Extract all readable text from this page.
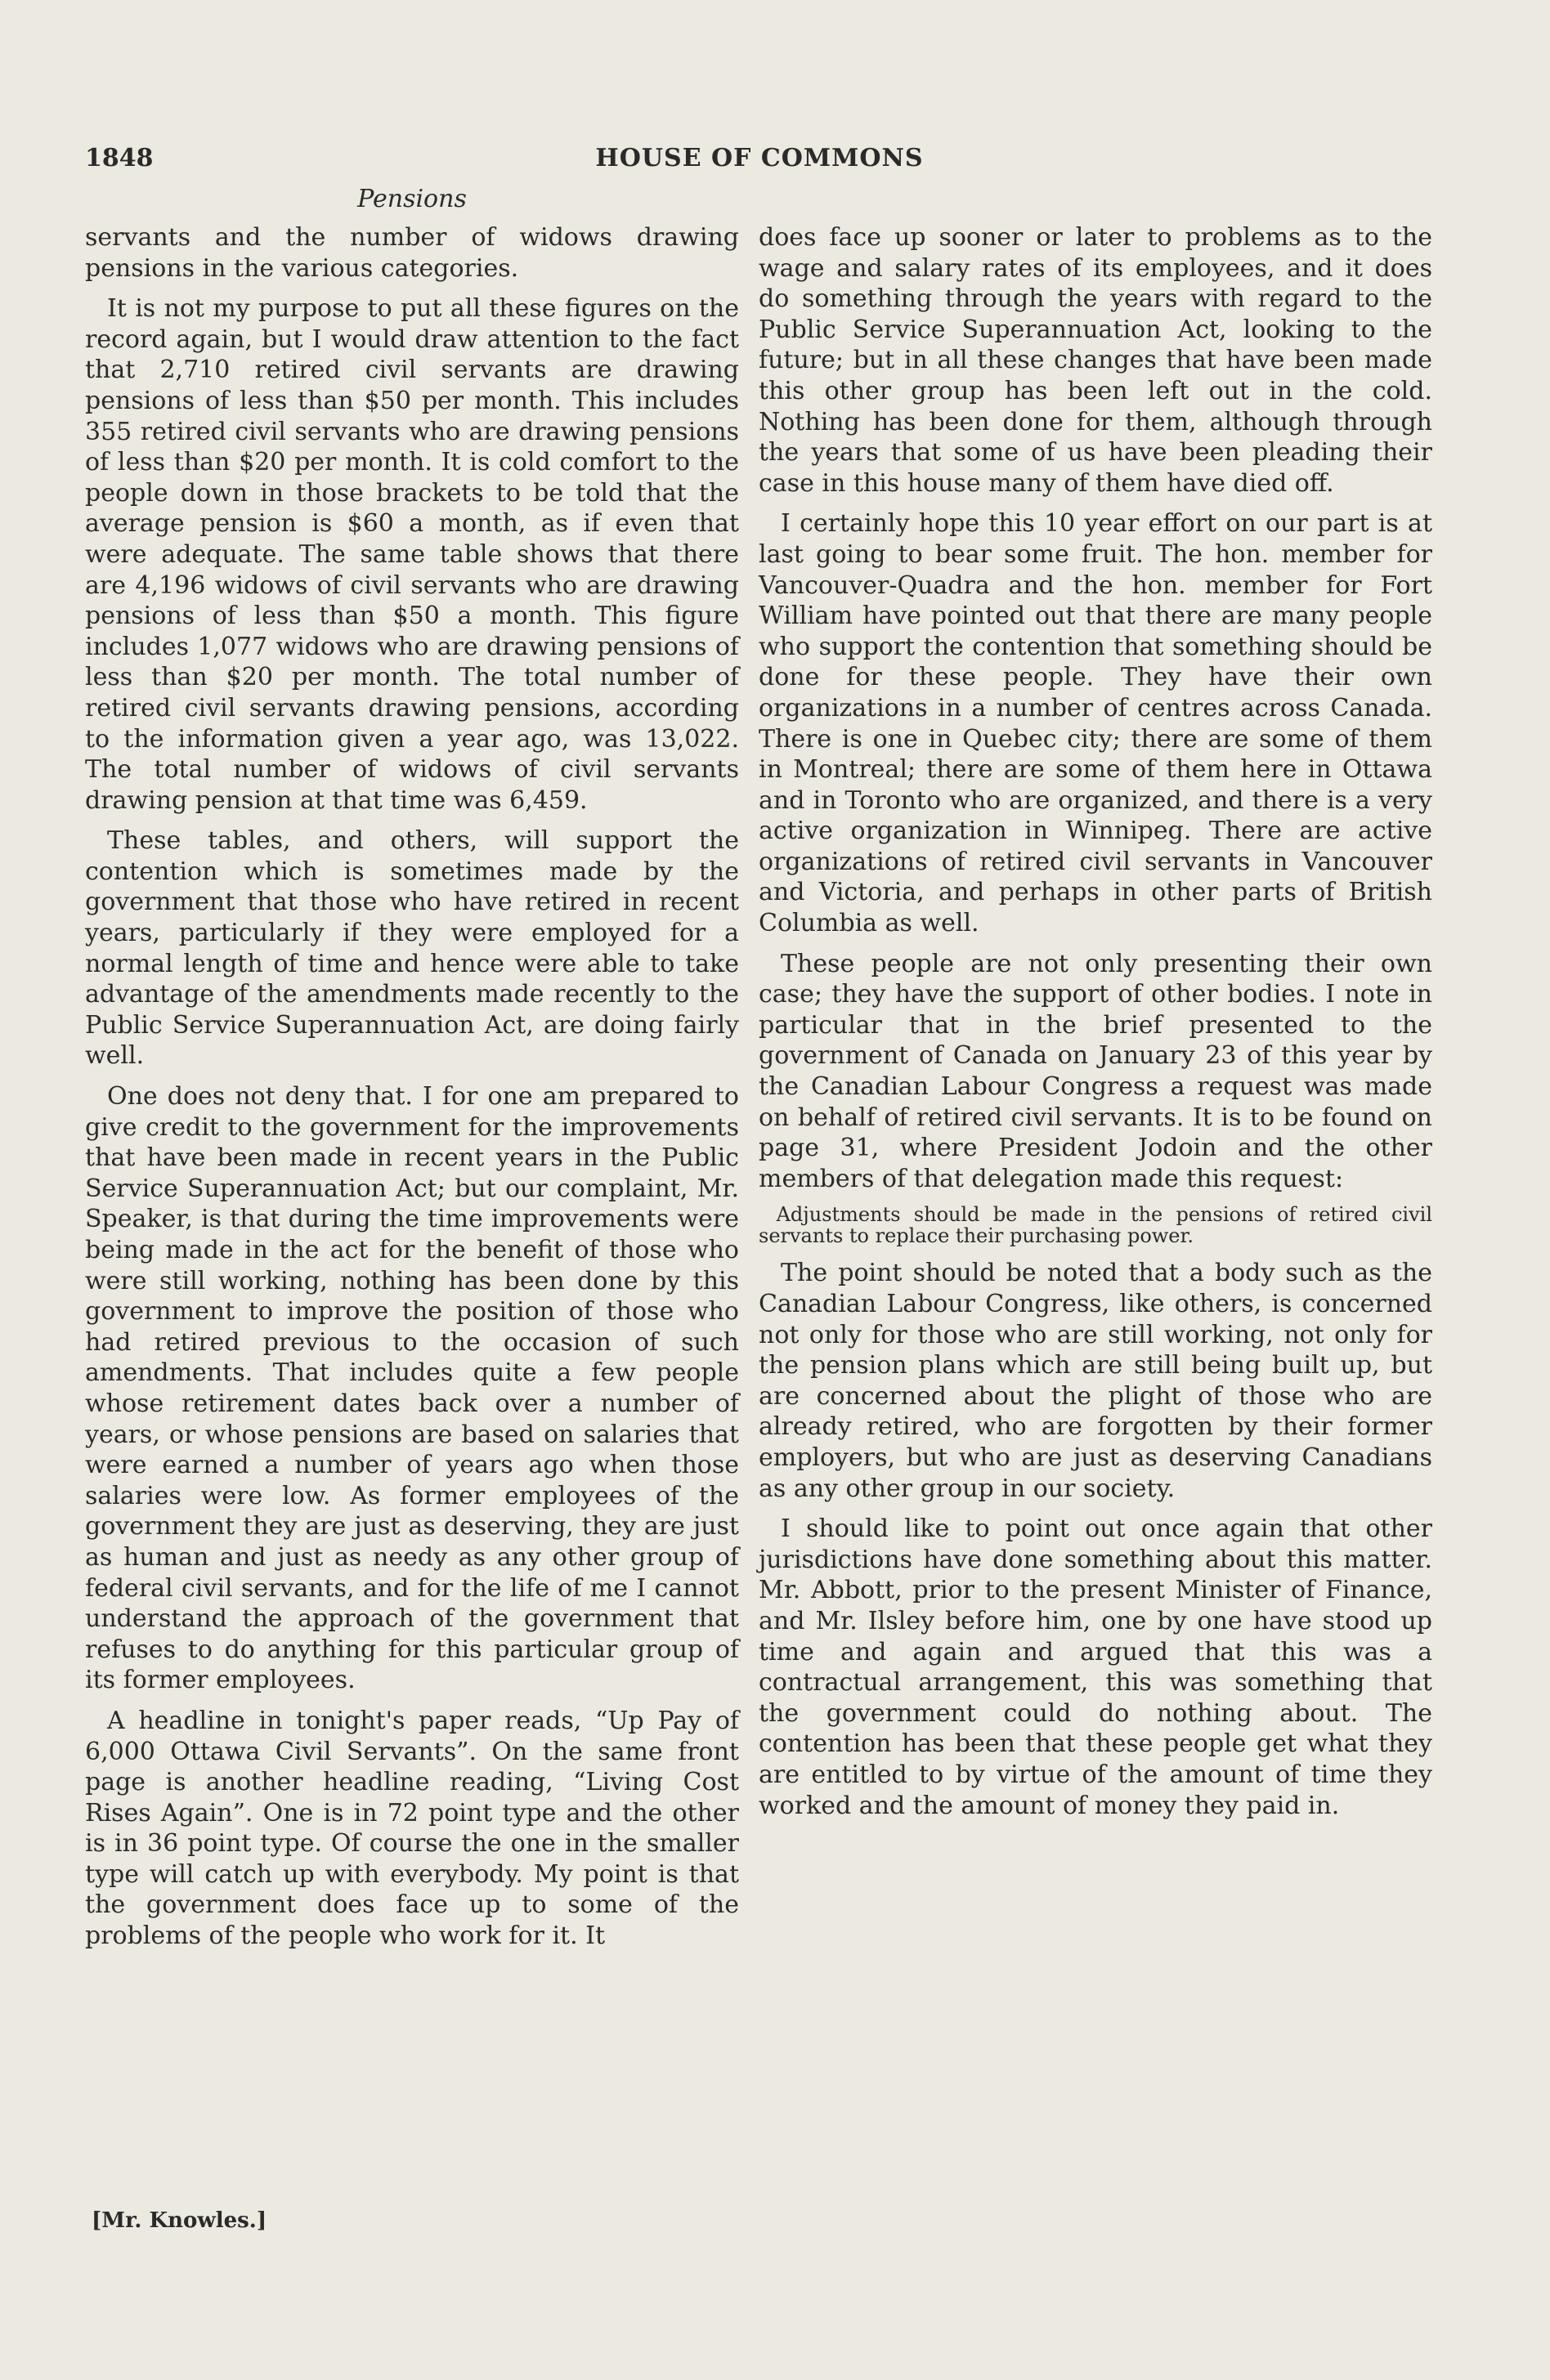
1848	HOUSE OF COMMONS
Pensions

servants and the number of widows drawing pensions in the various categories.

It is not my purpose to put all these figures on the record again, but I would draw attention to the fact that 2,710 retired civil servants are drawing pensions of less than $50 per month. This includes 355 retired civil servants who are drawing pensions of less than $20 per month. It is cold comfort to the people down in those brackets to be told that the average pension is $60 a month, as if even that were adequate. The same table shows that there are 4,196 widows of civil servants who are drawing pensions of less than $50 a month. This figure includes 1,077 widows who are drawing pensions of less than $20 per month. The total number of retired civil servants drawing pensions, according to the information given a year ago, was 13,022. The total number of widows of civil servants drawing pension at that time was 6,459.

These tables, and others, will support the contention which is sometimes made by the government that those who have retired in recent years, particularly if they were employed for a normal length of time and hence were able to take advantage of the amendments made recently to the Public Service Superannuation Act, are doing fairly well.

One does not deny that. I for one am prepared to give credit to the government for the improvements that have been made in recent years in the Public Service Superannuation Act; but our complaint, Mr. Speaker, is that during the time improvements were being made in the act for the benefit of those who were still working, nothing has been done by this government to improve the position of those who had retired previous to the occasion of such amendments. That includes quite a few people whose retirement dates back over a number of years, or whose pensions are based on salaries that were earned a number of years ago when those salaries were low. As former employees of the government they are just as deserving, they are just as human and just as needy as any other group of federal civil servants, and for the life of me I cannot understand the approach of the government that refuses to do anything for this particular group of its former employees.

A headline in tonight's paper reads, “Up Pay of 6,000 Ottawa Civil Servants”. On the same front page is another headline reading, “Living Cost Rises Again”. One is in 72 point type and the other is in 36 point type. Of course the one in the smaller type will catch up with everybody. My point is that the government does face up to some of the problems of the people who work for it. It

does face up sooner or later to problems as to the wage and salary rates of its employees, and it does do something through the years with regard to the Public Service Superannuation Act, looking to the future; but in all these changes that have been made this other group has been left out in the cold. Nothing has been done for them, although through the years that some of us have been pleading their case in this house many of them have died off.

I certainly hope this 10 year effort on our part is at last going to bear some fruit. The hon. member for Vancouver-Quadra and the hon. member for Fort William have pointed out that there are many people who support the contention that something should be done for these people. They have their own organizations in a number of centres across Canada. There is one in Quebec city; there are some of them in Montreal; there are some of them here in Ottawa and in Toronto who are organized, and there is a very active organization in Winnipeg. There are active organizations of retired civil servants in Vancouver and Victoria, and perhaps in other parts of British Columbia as well.

These people are not only presenting their own case; they have the support of other bodies. I note in particular that in the brief presented to the government of Canada on January 23 of this year by the Canadian Labour Congress a request was made on behalf of retired civil servants. It is to be found on page 31, where President Jodoin and the other members of that delegation made this request:

Adjustments should be made in the pensions of retired civil servants to replace their purchasing power.

The point should be noted that a body such as the Canadian Labour Congress, like others, is concerned not only for those who are still working, not only for the pension plans which are still being built up, but are concerned about the plight of those who are already retired, who are forgotten by their former employers, but who are just as deserving Canadians as any other group in our society.

I should like to point out once again that other jurisdictions have done something about this matter. Mr. Abbott, prior to the present Minister of Finance, and Mr. Ilsley before him, one by one have stood up time and again and argued that this was a contractual arrangement, this was something that the government could do nothing about. The contention has been that these people get what they are entitled to by virtue of the amount of time they worked and the amount of money they paid in.

[Mr. Knowles.]
